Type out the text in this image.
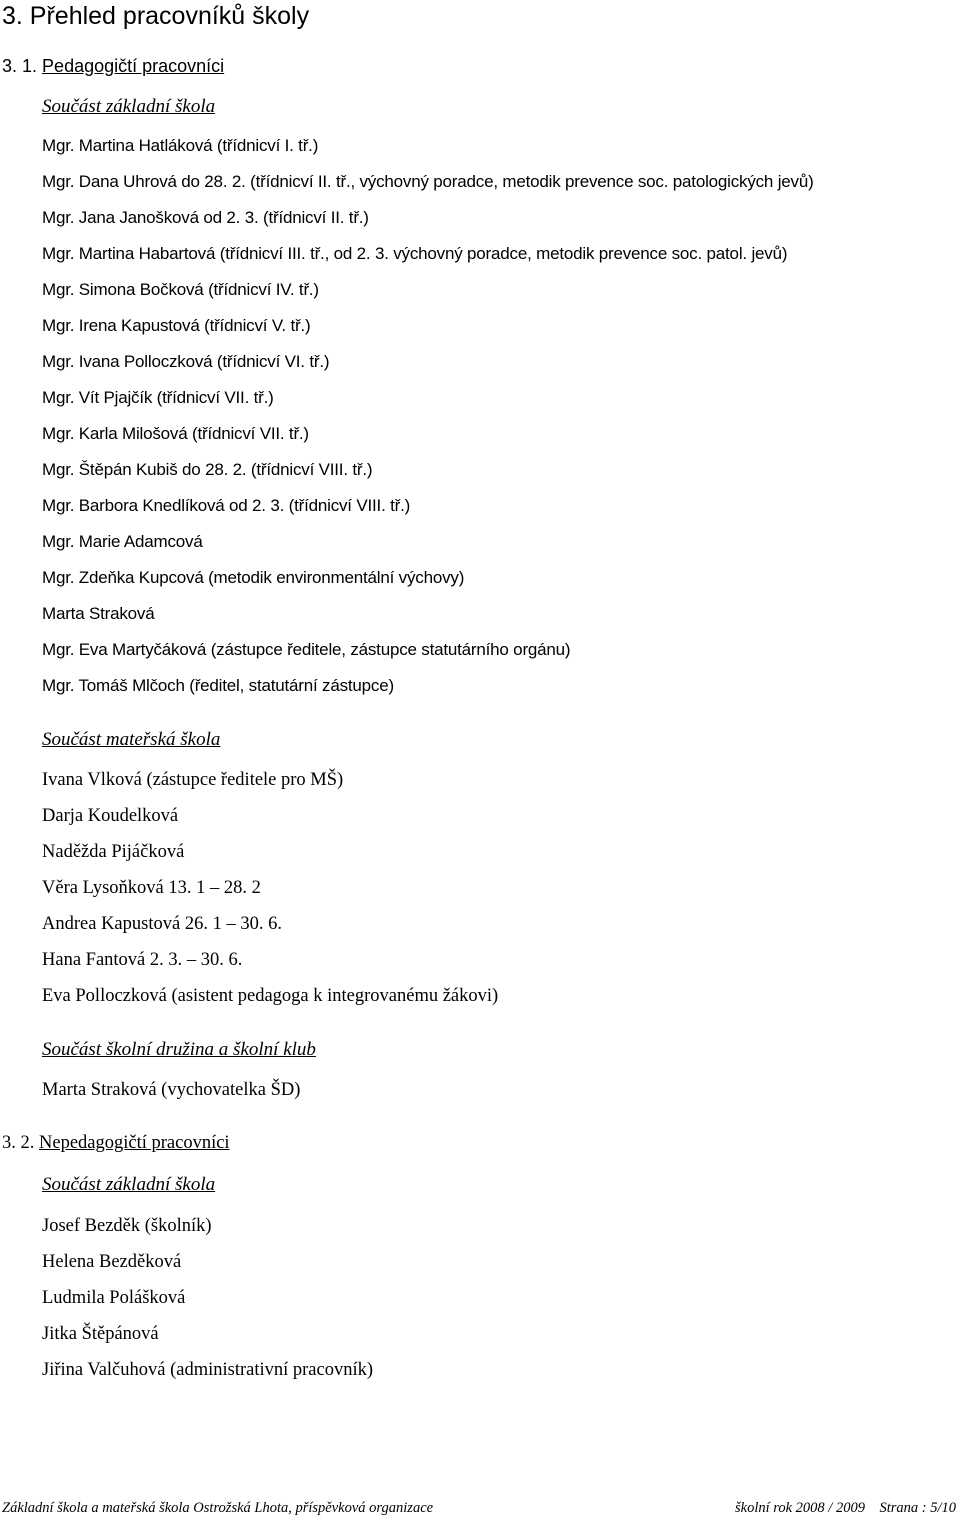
3. Přehled pracovníků školy
3. 1. Pedagogičtí pracovníci
Součást základní škola
Mgr. Martina Hatláková (třídnicví I. tř.)
Mgr. Dana Uhrová do 28. 2. (třídnicví II. tř., výchovný poradce, metodik prevence soc. patologických jevů)
Mgr. Jana Janošková od 2. 3. (třídnicví II. tř.)
Mgr. Martina Habartová (třídnicví III. tř., od 2. 3. výchovný poradce, metodik prevence soc. patol. jevů)
Mgr. Simona Bočková (třídnicví IV. tř.)
Mgr. Irena Kapustová (třídnicví V. tř.)
Mgr. Ivana Polloczková (třídnicví VI. tř.)
Mgr. Vít Pjajčík (třídnicví VII. tř.)
Mgr. Karla Milošová (třídnicví VII. tř.)
Mgr. Štěpán Kubiš do 28. 2. (třídnicví VIII. tř.)
Mgr. Barbora Knedlíková od 2. 3. (třídnicví VIII. tř.)
Mgr. Marie Adamcová
Mgr. Zdeňka Kupcová (metodik environmentální výchovy)
Marta Straková
Mgr. Eva Martyčáková (zástupce ředitele, zástupce statutárního orgánu)
Mgr. Tomáš Mlčoch (ředitel, statutární zástupce)
Součást mateřská škola
Ivana Vlková (zástupce ředitele pro MŠ)
Darja Koudelková
Naděžda Pijáčková
Věra Lysoňková 13. 1 – 28. 2
Andrea Kapustová 26. 1 – 30. 6.
Hana Fantová 2. 3. – 30. 6.
Eva Polloczková (asistent pedagoga k integrovanému žákovi)
Součást školní družina a školní klub
Marta Straková (vychovatelka ŠD)
3. 2. Nepedagogičtí pracovníci
Součást základní škola
Josef Bezděk (školník)
Helena Bezděková
Ludmila Polášková
Jitka Štěpánová
Jiřina Valčuhová (administrativní pracovník)
Základní škola a mateřská škola Ostrožská Lhota, příspěvková organizace	školní rok 2008 / 2009 Strana : 5/10
